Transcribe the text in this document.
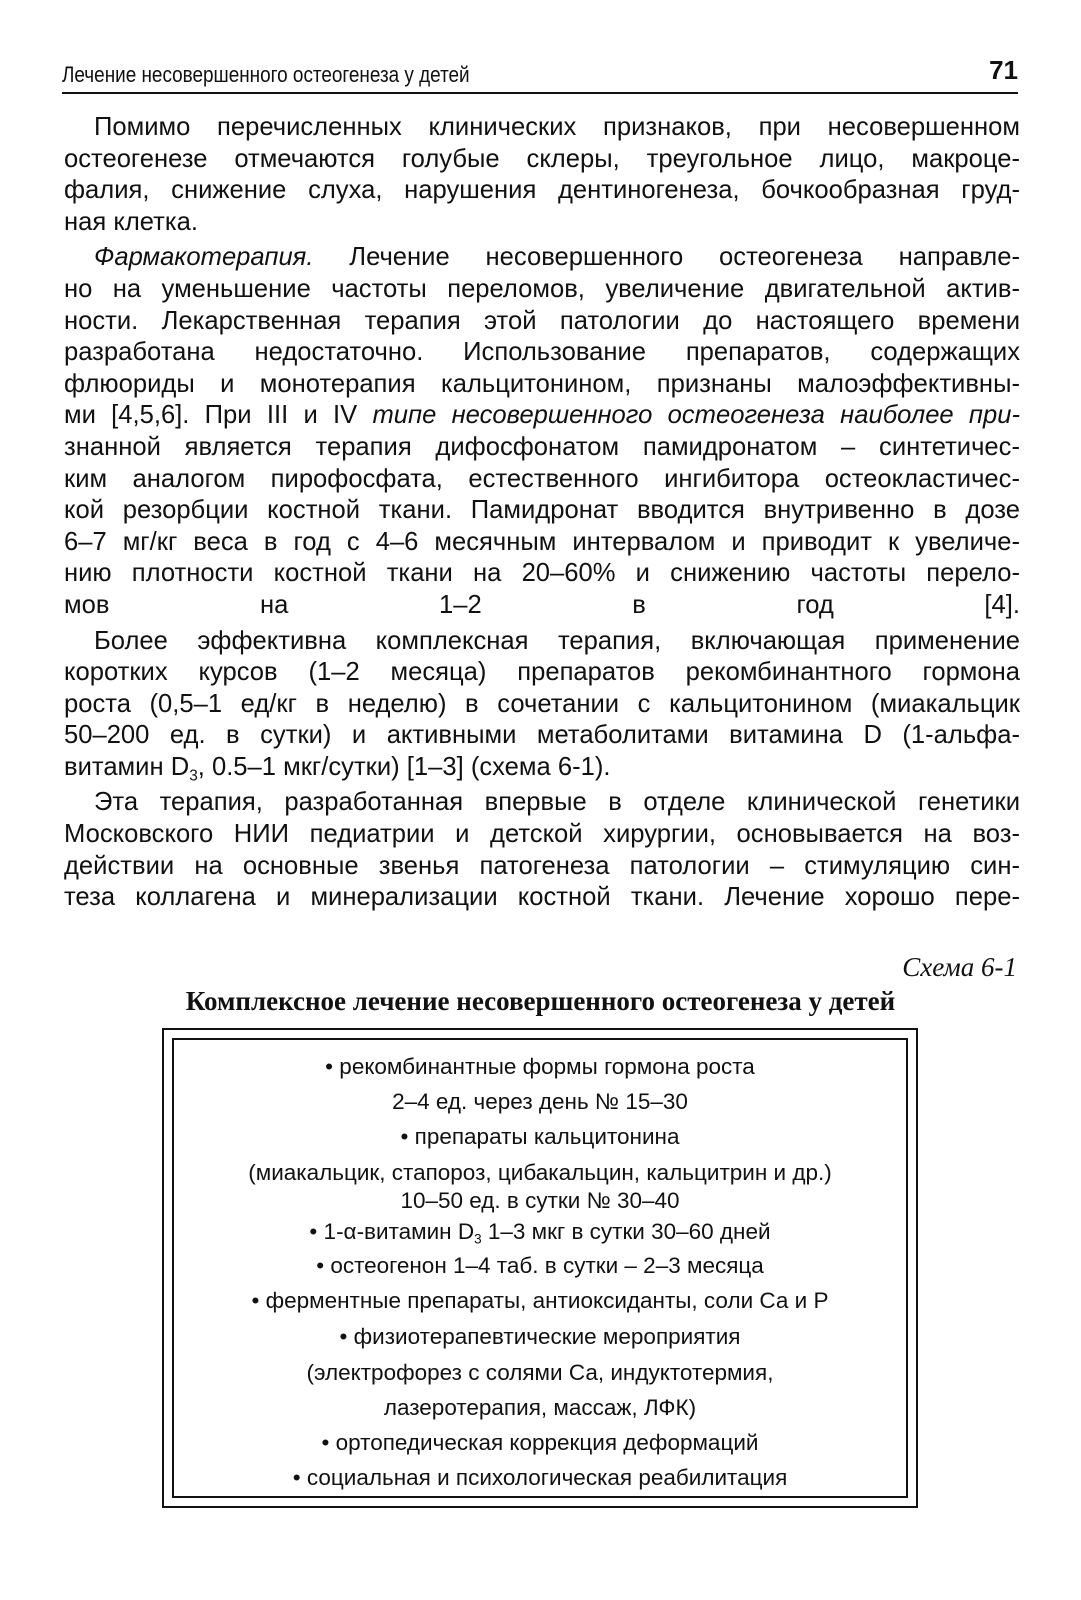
Лечение несовершенного остеогенеза у детей	71

Помимо перечисленных клинических признаков, при несовершенном
остеогенезе отмечаются голубые склеры, треугольное лицо, макроце-
фалия, снижение слуха, нарушения дентиногенеза, бочкообразная груд-
ная клетка.

Фармакотерапия. Лечение несовершенного остеогенеза направле-
но на уменьшение частоты переломов, увеличение двигательной актив-
ности. Лекарственная терапия этой патологии до настоящего времени
разработана недостаточно. Использование препаратов, содержащих
флюориды и монотерапия кальцитонином, признаны малоэффективны-
ми [4,5,6]. При III и IV типе несовершенного остеогенеза наиболее при-
знанной является терапия дифосфонатом памидронатом – синтетичес-
ким аналогом пирофосфата, естественного ингибитора остеокластичес-
кой резорбции костной ткани. Памидронат вводится внутривенно в дозе
6–7 мг/кг веса в год с 4–6 месячным интервалом и приводит к увеличе-
нию плотности костной ткани на 20–60% и снижению частоты перело-
мов на 1–2 в год [4].

Более эффективна комплексная терапия, включающая применение
коротких курсов (1–2 месяца) препаратов рекомбинантного гормона
роста (0,5–1 ед/кг в неделю) в сочетании с кальцитонином (миакальцик
50–200 ед. в сутки) и активными метаболитами витамина D (1-альфа-
витамин $D_3$, 0.5–1 мкг/сутки) [1–3] (схема 6-1).

Эта терапия, разработанная впервые в отделе клинической генетики
Московского НИИ педиатрии и детской хирургии, основывается на воз-
действии на основные звенья патогенеза патологии – стимуляцию син-
теза коллагена и минерализации костной ткани. Лечение хорошо пере-

Схема 6-1
Комплексное лечение несовершенного остеогенеза у детей
• рекомбинантные формы гормона роста
2–4 ед. через день № 15–30
• препараты кальцитонина
(миакальцик, стапороз, цибакальцин, кальцитрин и др.)
10–50 ед. в сутки № 30–40
• 1-α-витамин $D_3$ 1–3 мкг в сутки 30–60 дней
• остеогенон 1–4 таб. в сутки – 2–3 месяца
• ферментные препараты, антиоксиданты, соли Са и Р
• физиотерапевтические мероприятия
(электрофорез с солями Са, индуктотермия,
лазеротерапия, массаж, ЛФК)
• ортопедическая коррекция деформаций
• социальная и психологическая реабилитация
